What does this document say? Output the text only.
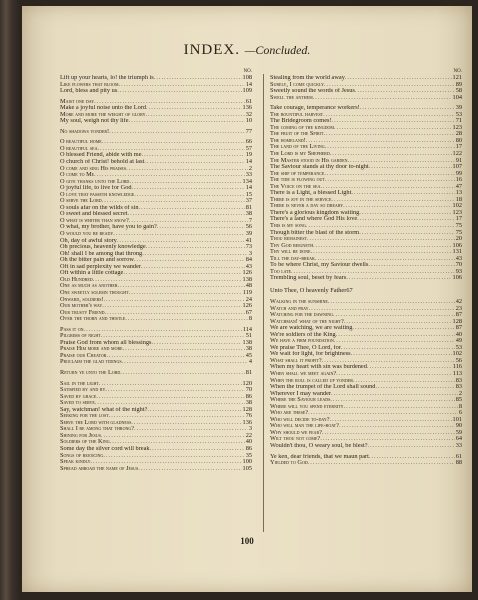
INDEX. —Concluded.
NO.
Lift up your hearts, lo! the triumph is .....	108
Like flowers that bloom .....	14
Lord, bless and pity us .....	109
Maist one day .....	61
Make a joyful noise unto the Lord .....	136
More and more the weight of glory .....	32
My soul, weigh not thy life .....	10
No shadows yonder! .....	77
O beautiful home .....	66
O beautiful sea .....	57
O blessed Friend, abide with me .....	19
O church of Christ! behold at last .....	14
O come and sing His praises .....	2
O come to Me .....	33
O give thanks unto the Lord .....	134
O joyful life, to live for God .....	14
O love that passeth knowledge .....	15
O serve the Lord .....	37
O souls afar on the wilds of sin .....	81
O sweet and blessed secret .....	38
O what is whiter than snow? .....	7
O what, my brother, have you to gain? .....	56
O would you be ready .....	39
Oh, day of awful story .....	41
Oh precious, heavenly knowledge .....	73
Oh! shall I be among that throng .....	3
Oh the bitter pain and sorrow .....	84
Oft in sad perplexity we wander .....	43
Oft within a little cottage .....	126
Old Hundred .....	138
One as much as another .....	48
One sweetly solemn thought .....	119
Onward, soldiers! .....	24
Our mother's way .....	126
Our trusty Friend .....	67
Over the thorn and thistle .....	8
Pass it on .....	114
Pilgrims of night .....	51
Praise God from whom all blessings .....	138
Praise Him more and more .....	38
Praise our Creator .....	45
Proclaim the glad tidings .....	4
Return ye unto the Lord .....	81
Sail in the light .....	120
Satisfied by and by .....	70
Saved by grace .....	86
Saved to serve .....	38
Say, watchman! what of the night? .....	128
Seeking for the lost .....	76
Serve the Lord with gladness .....	136
Shall I be among that throng? .....	3
Shining for Jesus .....	22
Soldiers of the King .....	40
Some day the silver cord will break .....	86
Songs of rejoicing .....	35
Speak kindly .....	100
Spread abroad the name of Jesus .....	105
NO.
Stealing from the world away .....	121
Surely, I come quickly .....	89
Sweetly sound the words of Jesus .....	58
Swell the anthem .....	104
Take courage, temperance workers! .....	39
The bountiful harvest .....	53
The Bridegroom comes! .....	71
The coming of the kingdom .....	123
The fruit of the Spirit .....	28
The homeland! .....	80
The land of the Living .....	17
The Lord is my Shepherd .....	122
The Master stood in His garden .....	91
The Saviour stands at thy door to-night .....	107
The ship of temperance .....	99
The tide is flowing out .....	16
The Voice on the sea .....	47
There is a Light, a blessed Light .....	13
There is joy in the service .....	18
There is never a day so dreary .....	102
There's a glorious kingdom waiting .....	123
There's a land where God His love .....	17
This is my song .....	75
Though bitter the blast of the storm .....	75
Thou remainest .....	20
Thy God reigneth .....	106
Thy will be done .....	131
Till the day-break .....	43
To be where Christ, my Saviour dwells .....	70
Too late .....	93
Trembling soul, beset by fears .....	106
Unto Thee, O heavenly Father 67
Walking in the sunshine .....	42
Watch and pray .....	23
Watching for the dawning .....	87
Watchman! what of the night? .....	128
We are watching, we are waiting .....	87
We're soldiers of the King .....	40
We have a firm foundation .....	49
We praise Thee, O Lord, for .....	53
We wait for light, for brightness .....	102
What shall it profit? .....	56
When my heart with sin was burdened .....	116
When shall we meet again? .....	113
When the roll is called up yonder .....	83
When the trumpet of the Lord shall sound .....	83
Wherever I may wander .....	2
Where the Saviour leads .....	85
Where will you spend eternity .....	8
Who are these? .....	6
Who will decide to-day? .....	101
Who will man the life-boat? .....	90
Why should we fear? .....	59
Wilt thou not come? .....	64
Wouldn't thou, O weary soul, be blest? .....	33
Ye ken, dear friends, that we maun part .....	61
Yielded to God .....	88
100
